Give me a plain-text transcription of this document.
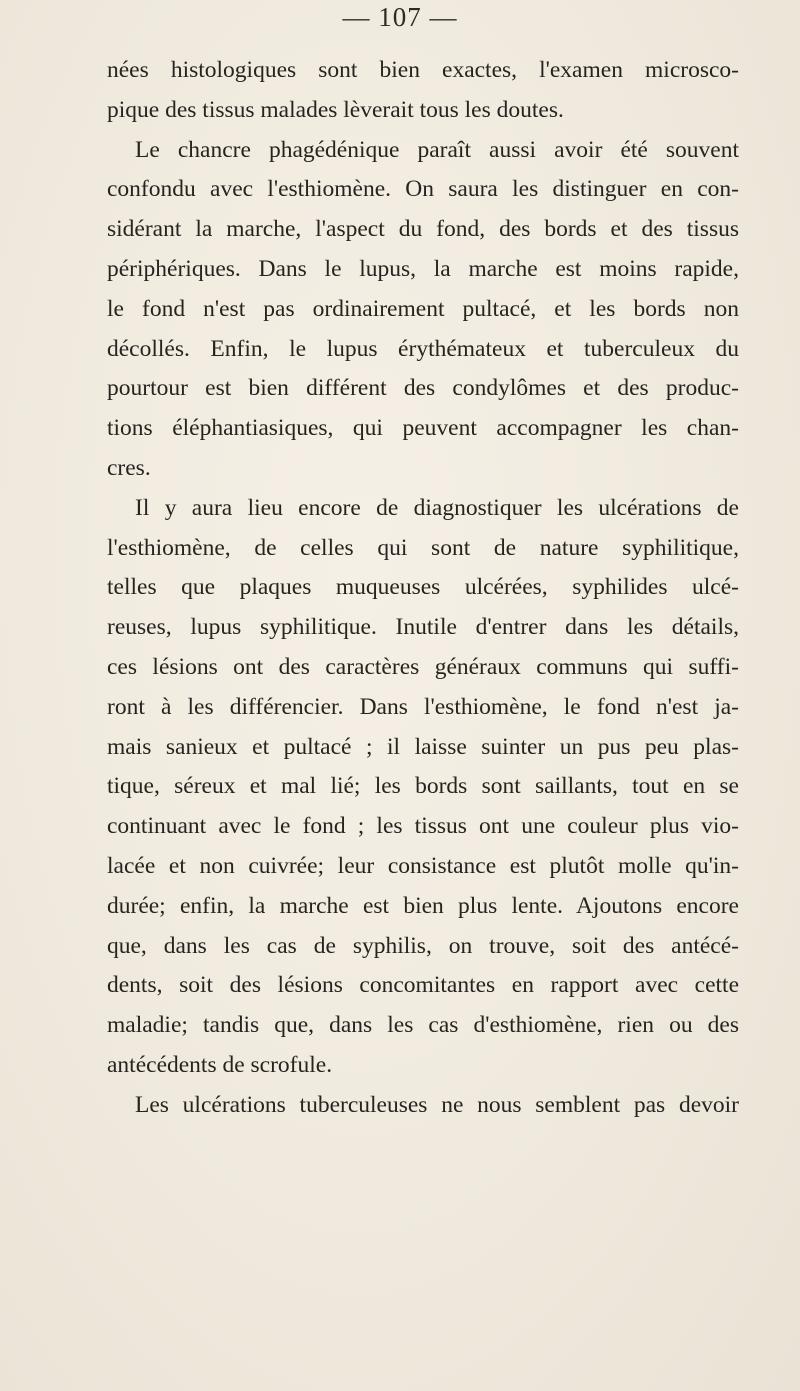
— 107 —
nées histologiques sont bien exactes, l'examen microsco-
pique des tissus malades lèverait tous les doutes.
Le chancre phagédénique paraît aussi avoir été souvent
confondu avec l'esthiomène. On saura les distinguer en con-
sidérant la marche, l'aspect du fond, des bords et des tissus
périphériques. Dans le lupus, la marche est moins rapide,
le fond n'est pas ordinairement pultacé, et les bords non
décollés. Enfin, le lupus érythémateux et tuberculeux du
pourtour est bien différent des condylômes et des produc-
tions éléphantiasiques, qui peuvent accompagner les chan-
cres.
Il y aura lieu encore de diagnostiquer les ulcérations de
l'esthiomène, de celles qui sont de nature syphilitique,
telles que plaques muqueuses ulcérées, syphilides ulcé-
reuses, lupus syphilitique. Inutile d'entrer dans les détails,
ces lésions ont des caractères généraux communs qui suffi-
ront à les différencier. Dans l'esthiomène, le fond n'est ja-
mais sanieux et pultacé ; il laisse suinter un pus peu plas-
tique, séreux et mal lié; les bords sont saillants, tout en se
continuant avec le fond ; les tissus ont une couleur plus vio-
lacée et non cuivrée; leur consistance est plutôt molle qu'in-
durée; enfin, la marche est bien plus lente. Ajoutons encore
que, dans les cas de syphilis, on trouve, soit des antécé-
dents, soit des lésions concomitantes en rapport avec cette
maladie; tandis que, dans les cas d'esthiomène, rien ou des
antécédents de scrofule.
Les ulcérations tuberculeuses ne nous semblent pas devoir
